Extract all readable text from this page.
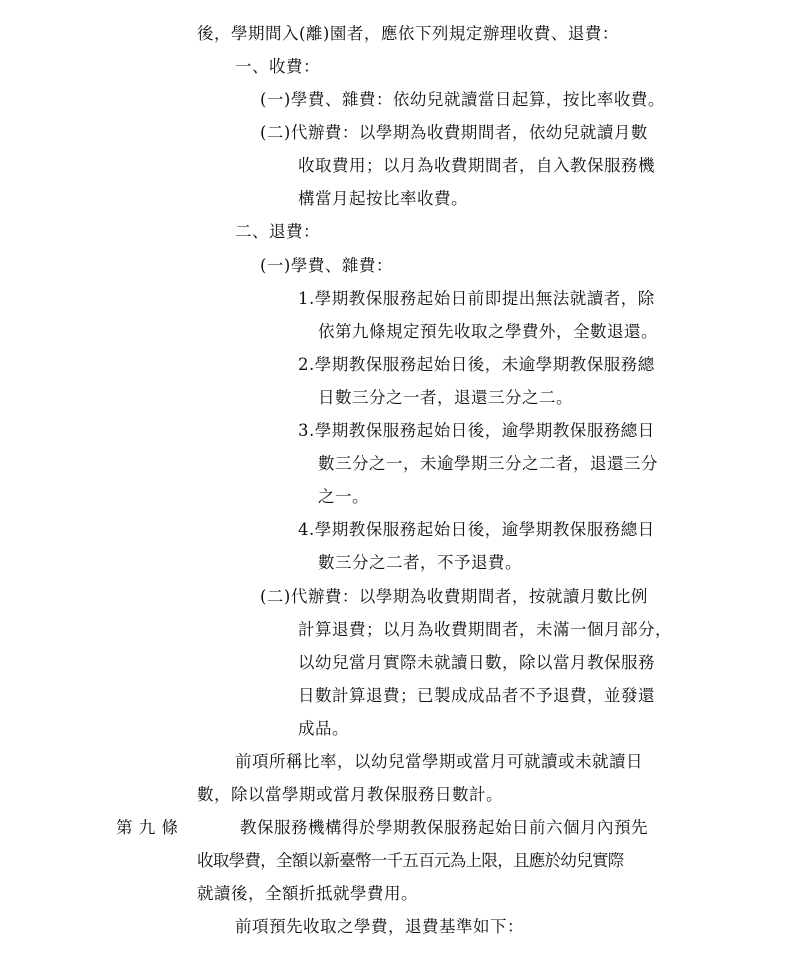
後，學期間入(離)園者，應依下列規定辦理收費、退費：

一、收費：

(一)學費、雜費：依幼兒就讀當日起算，按比率收費。

(二)代辦費：以學期為收費期間者，依幼兒就讀月數

收取費用；以月為收費期間者，自入教保服務機

構當月起按比率收費。

二、退費：

(一)學費、雜費：

1.學期教保服務起始日前即提出無法就讀者，除

依第九條規定預先收取之學費外，全數退還。

2.學期教保服務起始日後，未逾學期教保服務總

日數三分之一者，退還三分之二。

3.學期教保服務起始日後，逾學期教保服務總日

數三分之一，未逾學期三分之二者，退還三分

之一。

4.學期教保服務起始日後，逾學期教保服務總日

數三分之二者，不予退費。

(二)代辦費：以學期為收費期間者，按就讀月數比例

計算退費；以月為收費期間者，未滿一個月部分，

以幼兒當月實際未就讀日數，除以當月教保服務

日數計算退費；已製成成品者不予退費，並發還

成品。

前項所稱比率，以幼兒當學期或當月可就讀或未就讀日

數，除以當學期或當月教保服務日數計。

第 九 條	教保服務機構得於學期教保服務起始日前六個月內預先

收取學費，全額以新臺幣一千五百元為上限，且應於幼兒實際

就讀後，全額折抵就學費用。

前項預先收取之學費，退費基準如下：
